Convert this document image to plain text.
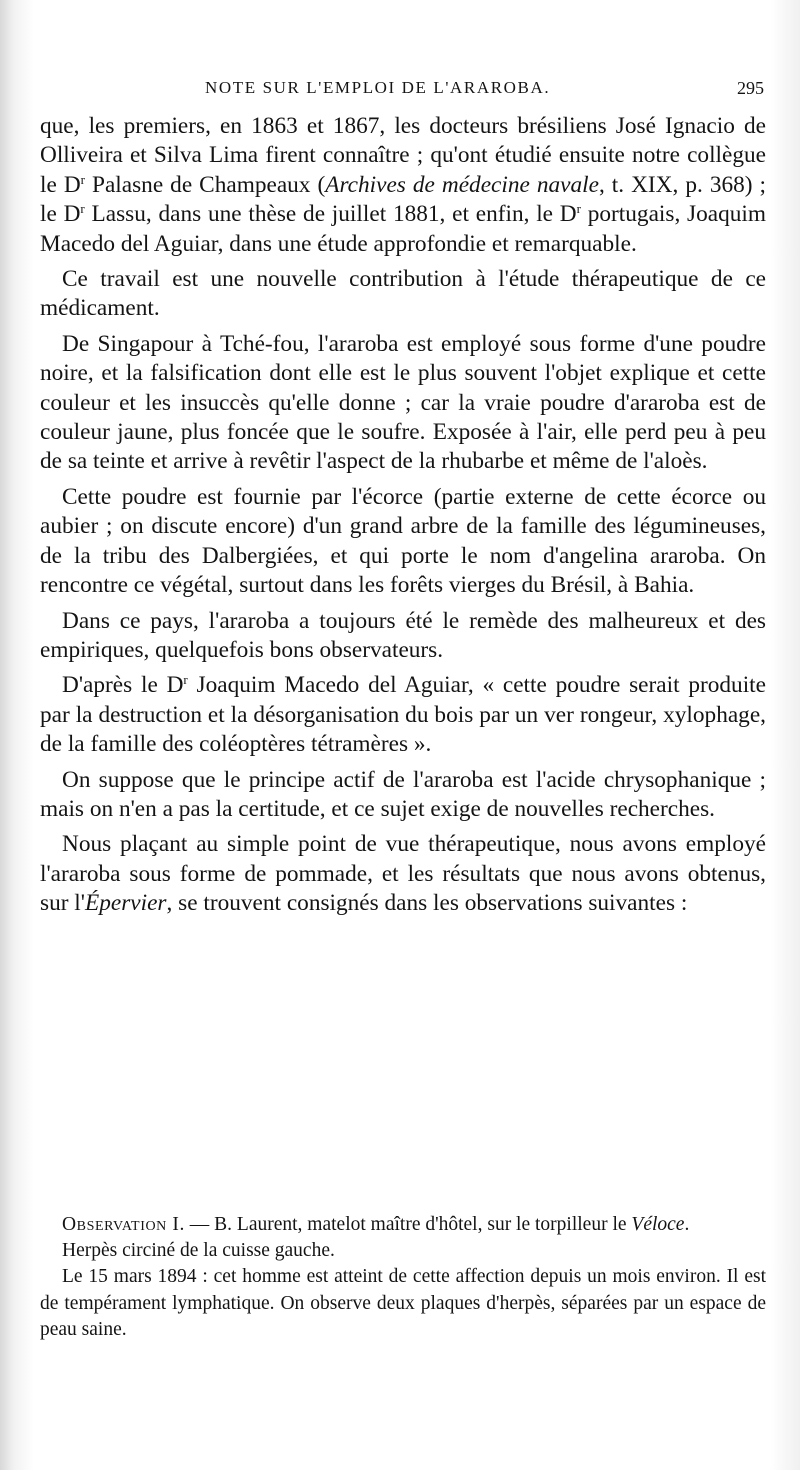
NOTE SUR L'EMPLOI DE L'ARAROBA.	295

que, les premiers, en 1863 et 1867, les docteurs brésiliens José Ignacio de Olliveira et Silva Lima firent connaître ; qu'ont étudié ensuite notre collègue le $D^r$ Palasne de Champeaux (Archives de médecine navale, t. XIX, p. 368) ; le $D^r$ Lassu, dans une thèse de juillet 1881, et enfin, le $D^r$ portugais, Joaquim Macedo del Aguiar, dans une étude approfondie et remarquable.

Ce travail est une nouvelle contribution à l'étude thérapeutique de ce médicament.

De Singapour à Tché-fou, l'araroba est employé sous forme d'une poudre noire, et la falsification dont elle est le plus souvent l'objet explique et cette couleur et les insuccès qu'elle donne ; car la vraie poudre d'araroba est de couleur jaune, plus foncée que le soufre. Exposée à l'air, elle perd peu à peu de sa teinte et arrive à revêtir l'aspect de la rhubarbe et même de l'aloès.

Cette poudre est fournie par l'écorce (partie externe de cette écorce ou aubier ; on discute encore) d'un grand arbre de la famille des légumineuses, de la tribu des Dalbergiées, et qui porte le nom d'angelina araroba. On rencontre ce végétal, surtout dans les forêts vierges du Brésil, à Bahia.

Dans ce pays, l'araroba a toujours été le remède des malheureux et des empiriques, quelquefois bons observateurs.

D'après le $D^r$ Joaquim Macedo del Aguiar, « cette poudre serait produite par la destruction et la désorganisation du bois par un ver rongeur, xylophage, de la famille des coléoptères tétramères ».

On suppose que le principe actif de l'araroba est l'acide chrysophanique ; mais on n'en a pas la certitude, et ce sujet exige de nouvelles recherches.

Nous plaçant au simple point de vue thérapeutique, nous avons employé l'araroba sous forme de pommade, et les résultats que nous avons obtenus, sur l'Épervier, se trouvent consignés dans les observations suivantes :

Observation I. — B. Laurent, matelot maître d'hôtel, sur le torpilleur le Véloce.

Herpès circiné de la cuisse gauche.

Le 15 mars 1894 : cet homme est atteint de cette affection depuis un mois environ. Il est de tempérament lymphatique. On observe deux plaques d'herpès, séparées par un espace de peau saine.
